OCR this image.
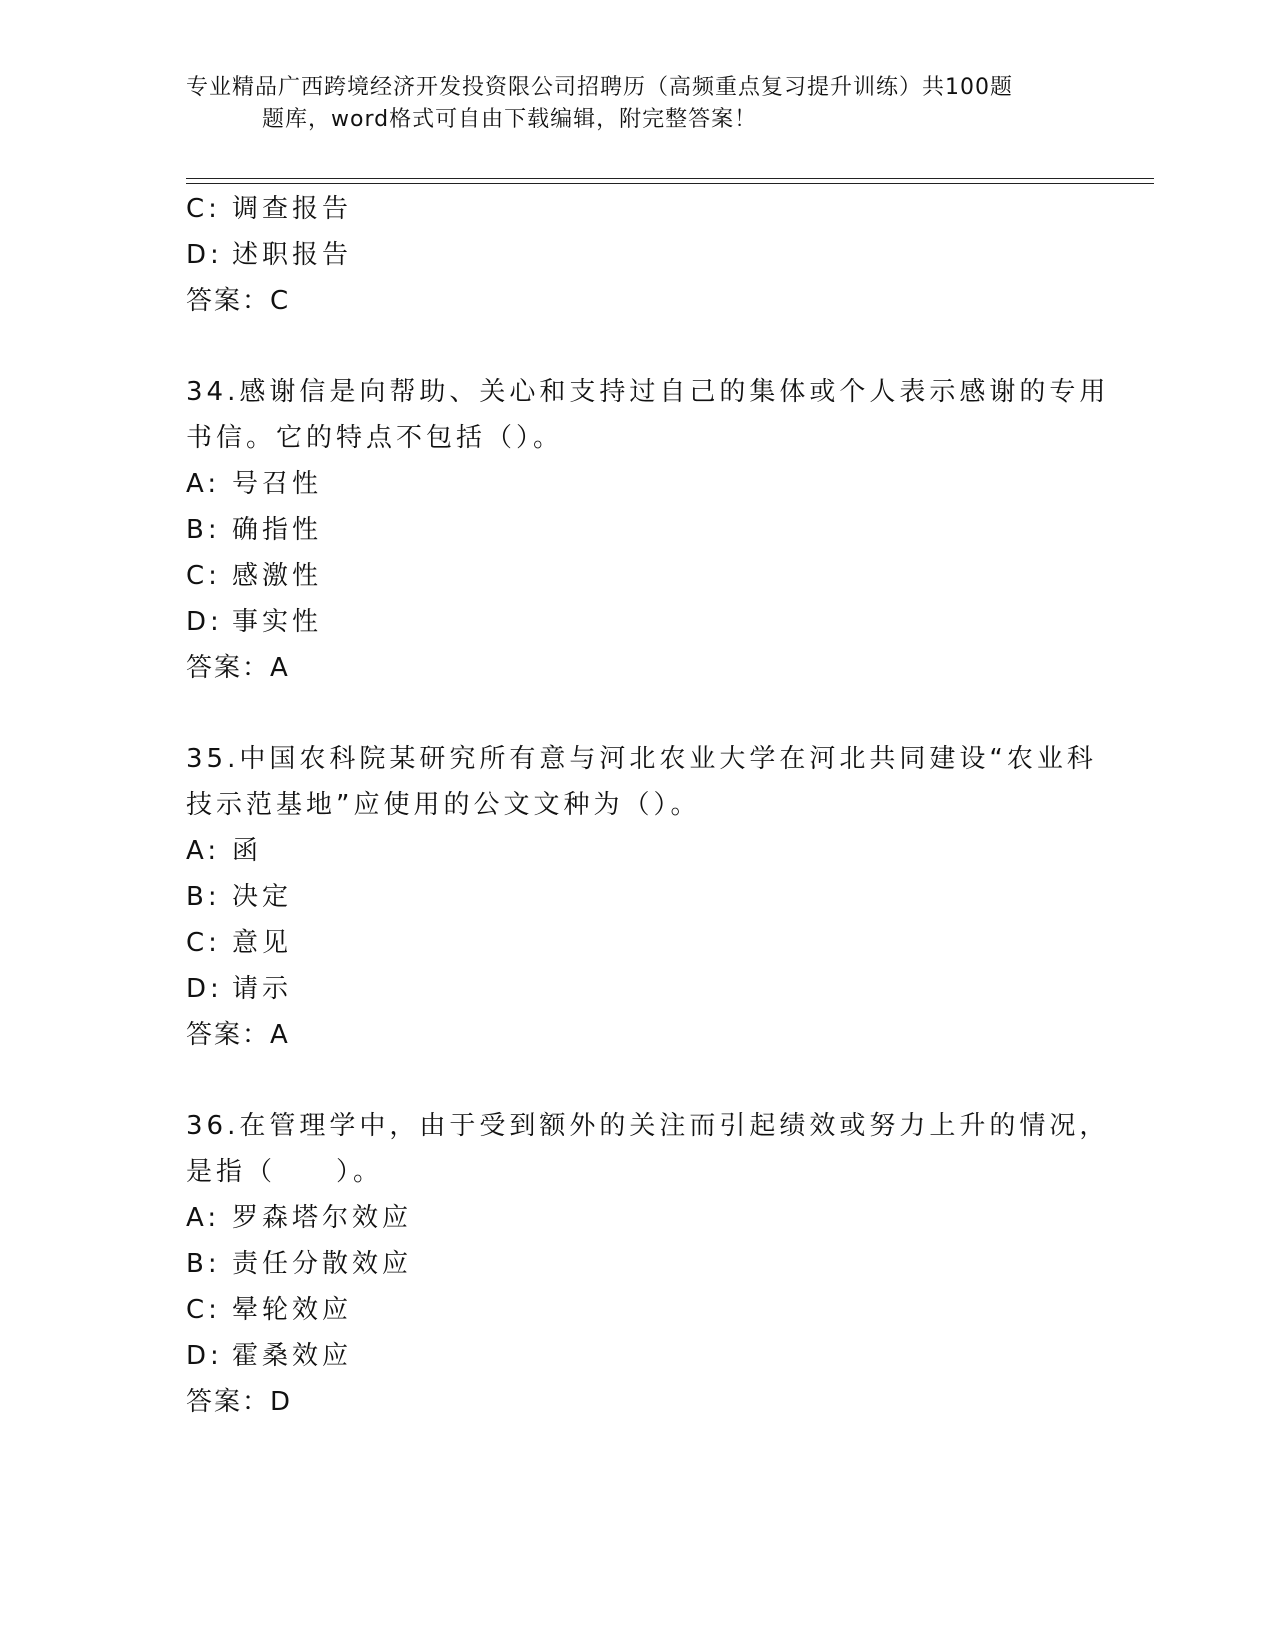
专业精品广西跨境经济开发投资限公司招聘历（高频重点复习提升训练）共100题
题库，word格式可自由下载编辑，附完整答案！
C: 调查报告
D: 述职报告
答案：C
34.感谢信是向帮助、关心和支持过自己的集体或个人表示感谢的专用
书信。它的特点不包括（）。
A: 号召性
B: 确指性
C: 感激性
D: 事实性
答案：A
35.中国农科院某研究所有意与河北农业大学在河北共同建设“农业科
技示范基地”应使用的公文文种为（）。
A: 函
B: 决定
C: 意见
D: 请示
答案：A
36.在管理学中，由于受到额外的关注而引起绩效或努力上升的情况，
是指（　　）。
A: 罗森塔尔效应
B: 责任分散效应
C: 晕轮效应
D: 霍桑效应
答案：D
